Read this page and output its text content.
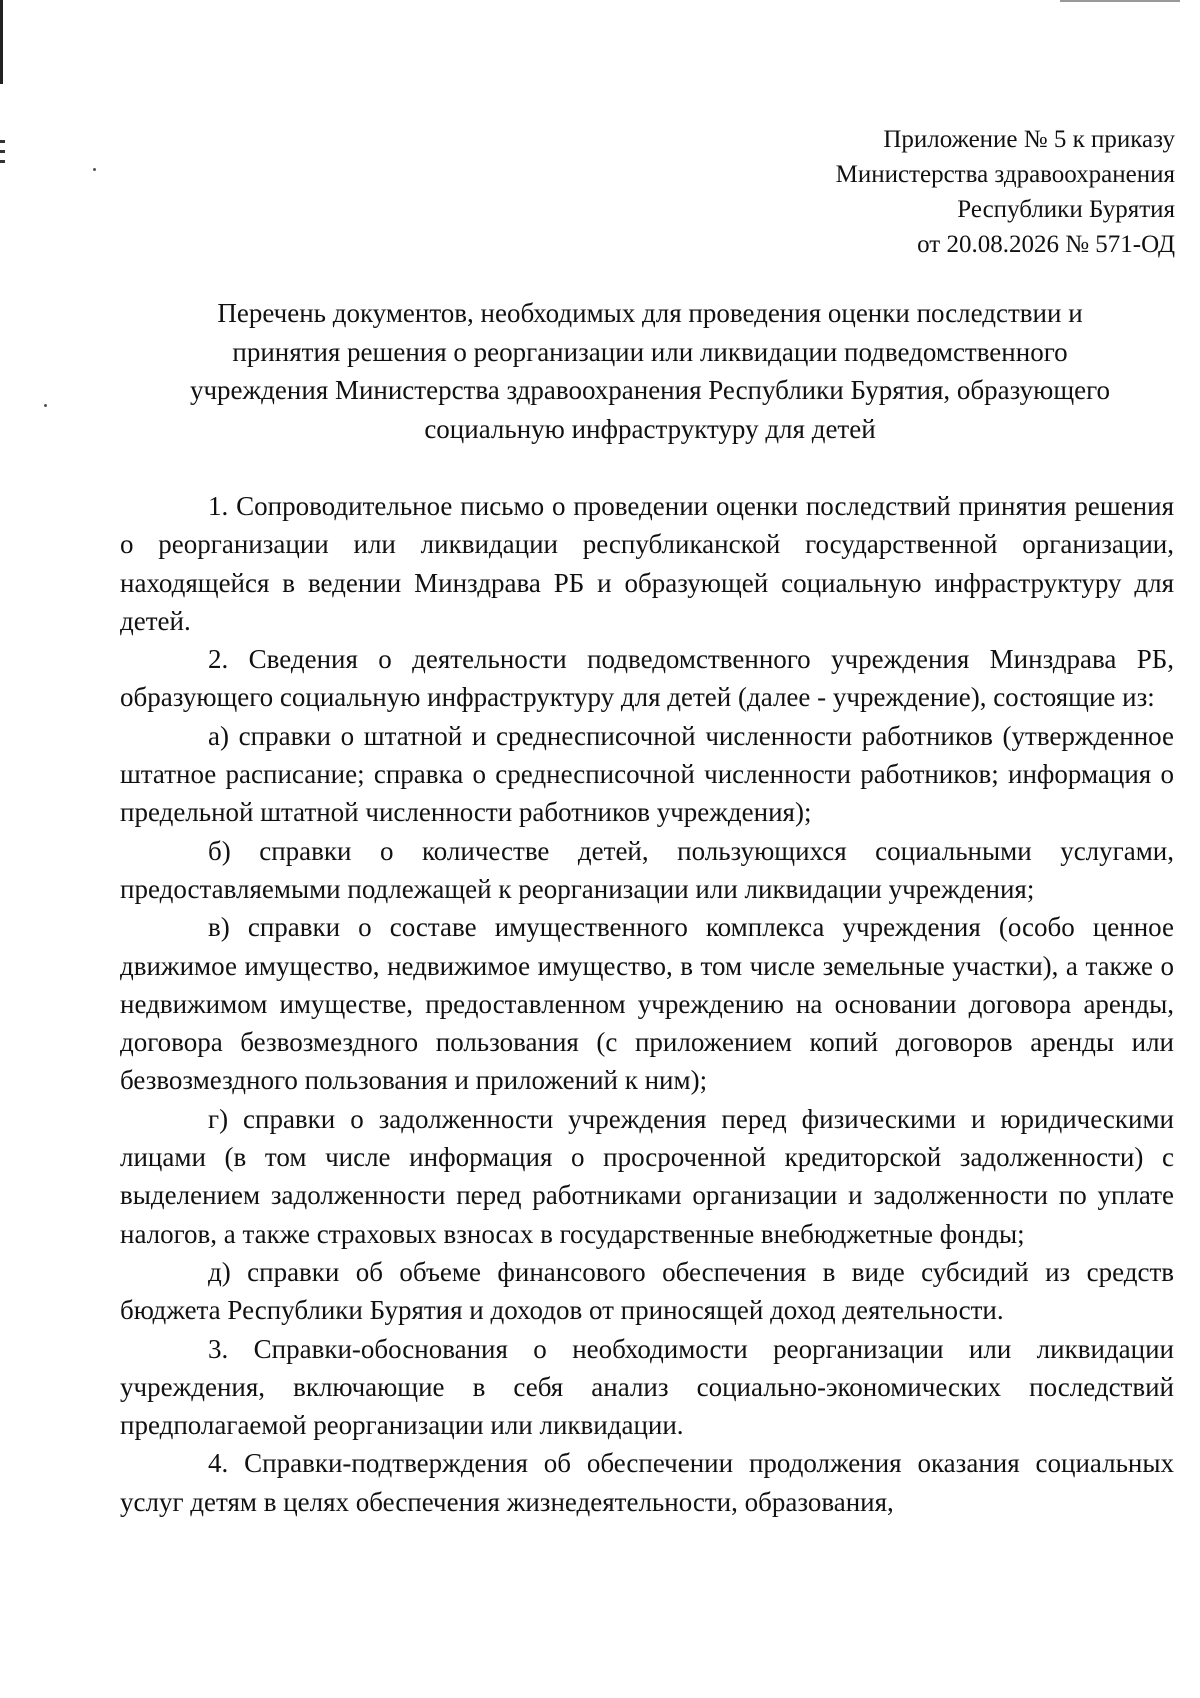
Приложение № 5 к приказу
Министерства здравоохранения
Республики Бурятия
от 20.08.2026 № 571-ОД
Перечень документов, необходимых для проведения оценки последствии и
принятия решения о реорганизации или ликвидации подведомственного
учреждения Министерства здравоохранения Республики Бурятия, образующего
социальную инфраструктуру для детей

1. Сопроводительное письмо о проведении оценки последствий принятия решения о реорганизации или ликвидации республиканской государственной организации, находящейся в ведении Минздрава РБ и образующей социальную инфраструктуру для детей.

2. Сведения о деятельности подведомственного учреждения Минздрава РБ, образующего социальную инфраструктуру для детей (далее - учреждение), состоящие из:

а) справки о штатной и среднесписочной численности работников (утвержденное штатное расписание; справка о среднесписочной численности работников; информация о предельной штатной численности работников учреждения);

б) справки о количестве детей, пользующихся социальными услугами, предоставляемыми подлежащей к реорганизации или ликвидации учреждения;

в) справки о составе имущественного комплекса учреждения (особо ценное движимое имущество, недвижимое имущество, в том числе земельные участки), а также о недвижимом имуществе, предоставленном учреждению на основании договора аренды, договора безвозмездного пользования (с приложением копий договоров аренды или безвозмездного пользования и приложений к ним);

г) справки о задолженности учреждения перед физическими и юридическими лицами (в том числе информация о просроченной кредиторской задолженности) с выделением задолженности перед работниками организации и задолженности по уплате налогов, а также страховых взносах в государственные внебюджетные фонды;

д) справки об объеме финансового обеспечения в виде субсидий из средств бюджета Республики Бурятия и доходов от приносящей доход деятельности.

3. Справки-обоснования о необходимости реорганизации или ликвидации учреждения, включающие в себя анализ социально-экономических последствий предполагаемой реорганизации или ликвидации.

4. Справки-подтверждения об обеспечении продолжения оказания социальных услуг детям в целях обеспечения жизнедеятельности, образования,
